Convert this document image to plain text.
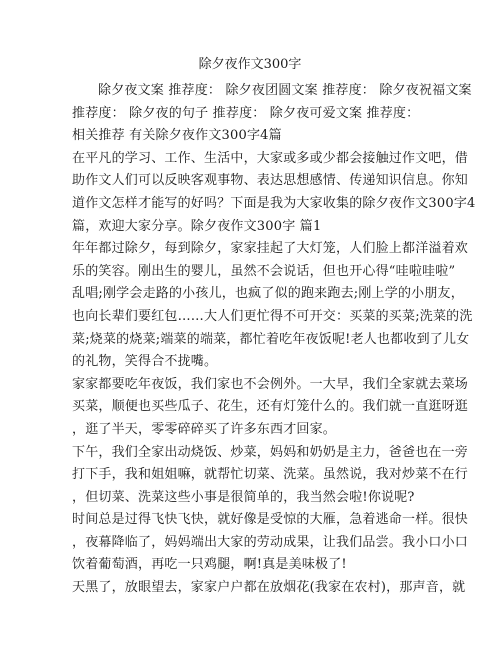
除夕夜作文300字
除夕夜文案 推荐度： 除夕夜团圆文案 推荐度： 除夕夜祝福文案
推荐度： 除夕夜的句子 推荐度： 除夕夜可爱文案 推荐度：
相关推荐 有关除夕夜作文300字4篇
在平凡的学习、工作、生活中，大家或多或少都会接触过作文吧，借
助作文人们可以反映客观事物、表达思想感情、传递知识信息。你知
道作文怎样才能写的好吗？下面是我为大家收集的除夕夜作文300字4
篇，欢迎大家分享。除夕夜作文300字 篇1
年年都过除夕，每到除夕，家家挂起了大灯笼，人们脸上都洋溢着欢
乐的笑容。刚出生的婴儿，虽然不会说话，但也开心得“哇啦哇啦”
乱唱;刚学会走路的小孩儿，也疯了似的跑来跑去;刚上学的小朋友，
也向长辈们要红包……大人们更忙得不可开交：买菜的买菜;洗菜的洗
菜;烧菜的烧菜;端菜的端菜，都忙着吃年夜饭呢!老人也都收到了儿女
的礼物，笑得合不拢嘴。
家家都要吃年夜饭，我们家也不会例外。一大早，我们全家就去菜场
买菜，顺便也买些瓜子、花生，还有灯笼什么的。我们就一直逛呀逛
，逛了半天，零零碎碎买了许多东西才回家。
下午，我们全家出动烧饭、炒菜，妈妈和奶奶是主力，爸爸也在一旁
打下手，我和姐姐嘛，就帮忙切菜、洗菜。虽然说，我对炒菜不在行
，但切菜、洗菜这些小事是很简单的，我当然会啦!你说呢?
时间总是过得飞快飞快，就好像是受惊的大雁，急着逃命一样。很快
，夜幕降临了，妈妈端出大家的劳动成果，让我们品尝。我小口小口
饮着葡萄酒，再吃一只鸡腿，啊!真是美味极了!
天黑了，放眼望去，家家户户都在放烟花(我家在农村)，那声音，就
